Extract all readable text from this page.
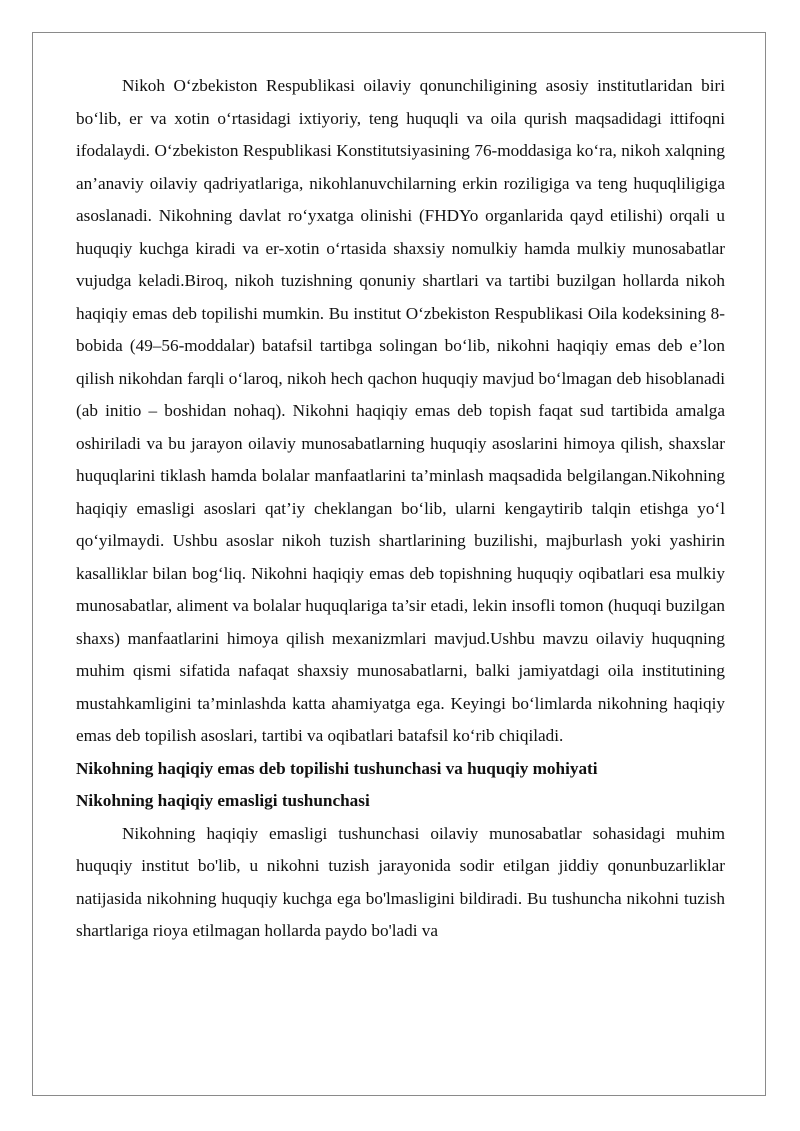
Nikoh O‘zbekiston Respublikasi oilaviy qonunchiligining asosiy institutlaridan biri bo‘lib, er va xotin o‘rtasidagi ixtiyoriy, teng huquqli va oila qurish maqsadidagi ittifoqni ifodalaydi. O‘zbekiston Respublikasi Konstitutsiyasining 76-moddasiga ko‘ra, nikoh xalqning an’anaviy oilaviy qadriyatlariga, nikohlanuvchilarning erkin roziligiga va teng huquqliligiga asoslanadi. Nikohning davlat ro‘yxatga olinishi (FHDYo organlarida qayd etilishi) orqali u huquqiy kuchga kiradi va er-xotin o‘rtasida shaxsiy nomulkiy hamda mulkiy munosabatlar vujudga keladi.Biroq, nikoh tuzishning qonuniy shartlari va tartibi buzilgan hollarda nikoh haqiqiy emas deb topilishi mumkin. Bu institut O‘zbekiston Respublikasi Oila kodeksining 8-bobida (49–56-moddalar) batafsil tartibga solingan bo‘lib, nikohni haqiqiy emas deb e’lon qilish nikohdan farqli o‘laroq, nikoh hech qachon huquqiy mavjud bo‘lmagan deb hisoblanadi (ab initio – boshidan nohaq). Nikohni haqiqiy emas deb topish faqat sud tartibida amalga oshiriladi va bu jarayon oilaviy munosabatlarning huquqiy asoslarini himoya qilish, shaxslar huquqlarini tiklash hamda bolalar manfaatlarini ta’minlash maqsadida belgilangan.Nikohning haqiqiy emasligi asoslari qat’iy cheklangan bo‘lib, ularni kengaytirib talqin etishga yo‘l qo‘yilmaydi. Ushbu asoslar nikoh tuzish shartlarining buzilishi, majburlash yoki yashirin kasalliklar bilan bog‘liq. Nikohni haqiqiy emas deb topishning huquqiy oqibatlari esa mulkiy munosabatlar, aliment va bolalar huquqlariga ta’sir etadi, lekin insofli tomon (huquqi buzilgan shaxs) manfaatlarini himoya qilish mexanizmlari mavjud.Ushbu mavzu oilaviy huquqning muhim qismi sifatida nafaqat shaxsiy munosabatlarni, balki jamiyatdagi oila institutining mustahkamligini ta’minlashda katta ahamiyatga ega. Keyingi bo‘limlarda nikohning haqiqiy emas deb topilish asoslari, tartibi va oqibatlari batafsil ko‘rib chiqiladi.

Nikohning haqiqiy emas deb topilishi tushunchasi va huquqiy mohiyati

Nikohning haqiqiy emasligi tushunchasi

Nikohning haqiqiy emasligi tushunchasi oilaviy munosabatlar sohasidagi muhim huquqiy institut bo'lib, u nikohni tuzish jarayonida sodir etilgan jiddiy qonunbuzarliklar natijasida nikohning huquqiy kuchga ega bo'lmasligini bildiradi. Bu tushuncha nikohni tuzish shartlariga rioya etilmagan hollarda paydo bo'ladi va
